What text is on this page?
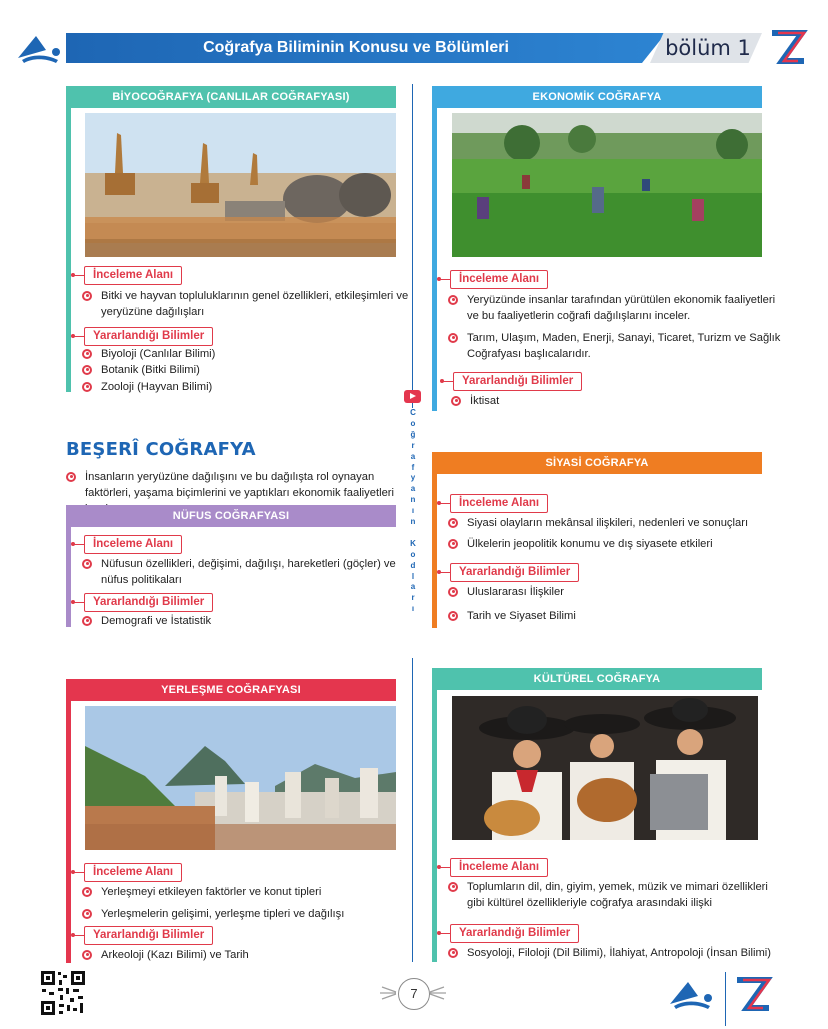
Coğrafya Biliminin Konusu ve Bölümleri	bölüm 1
C
o
ğ
r
a
f
y
a
n
ı
n
K
o
d
l
a
r
ı
BİYOCOĞRAFYA (CANLILAR COĞRAFYASI)
İnceleme Alanı
Bitki ve hayvan topluluklarının genel özellikleri, etkileşimleri ve yeryüzüne dağılışları
Yararlandığı Bilimler
Biyoloji (Canlılar Bilimi)
Botanik (Bitki Bilimi)
Zooloji (Hayvan Bilimi)
BEŞERÎ COĞRAFYA
İnsanların yeryüzüne dağılışını ve bu dağılışta rol oynayan faktörleri, yaşama biçimlerini ve yaptıkları ekonomik faaliyetleri
NÜFUS COĞRAFYASI
İnceleme Alanı
Nüfusun özellikleri, değişimi, dağılışı, hareketleri (göçler) ve nüfus politikaları
Yararlandığı Bilimler
Demografi ve İstatistik
YERLEŞME COĞRAFYASI
İnceleme Alanı
Yerleşmeyi etkileyen faktörler ve konut tipleri
Yerleşmelerin gelişimi, yerleşme tipleri ve dağılışı
Yararlandığı Bilimler
Arkeoloji (Kazı Bilimi) ve Tarih
EKONOMİK COĞRAFYA
İnceleme Alanı
Yeryüzünde insanlar tarafından yürütülen ekonomik faaliyetleri ve bu faaliyetlerin coğrafi dağılışlarını inceler.
Tarım, Ulaşım, Maden, Enerji, Sanayi, Ticaret, Turizm ve Sağlık Coğrafyası başlıcalarıdır.
Yararlandığı Bilimler
İktisat
SİYASİ COĞRAFYA
İnceleme Alanı
Siyasi olayların mekânsal ilişkileri, nedenleri ve sonuçları
Ülkelerin jeopolitik konumu ve dış siyasete etkileri
Yararlandığı Bilimler
Uluslararası İlişkiler
Tarih ve Siyaset Bilimi
KÜLTÜREL COĞRAFYA
İnceleme Alanı
Toplumların dil, din, giyim, yemek, müzik ve mimari özellikleri gibi kültürel özellikleriyle coğrafya arasındaki ilişki
Yararlandığı Bilimler
Sosyoloji, Filoloji (Dil Bilimi), İlahiyat, Antropoloji (İnsan Bilimi)
7
